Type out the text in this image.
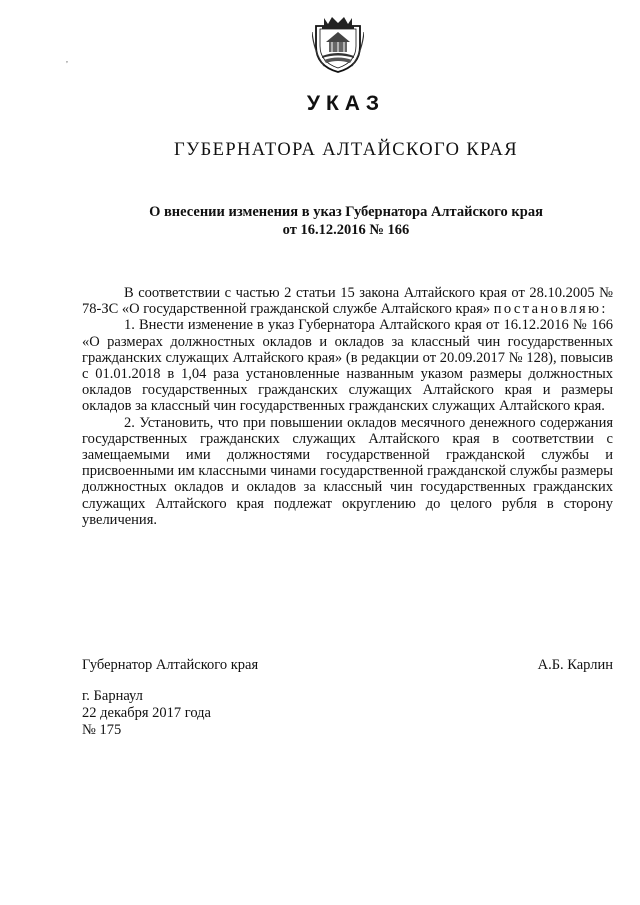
,
УКАЗ
ГУБЕРНАТОРА АЛТАЙСКОГО КРАЯ
О внесении изменения в указ Губернатора Алтайского края
от 16.12.2016 № 166

В соответствии с частью 2 статьи 15 закона Алтайского края от 28.10.2005 № 78-ЗС «О государственной гражданской службе Алтайского края» постановляю:

1. Внести изменение в указ Губернатора Алтайского края от 16.12.2016 № 166 «О размерах должностных окладов и окладов за классный чин государственных гражданских служащих Алтайского края» (в редакции от 20.09.2017 № 128), повысив с 01.01.2018 в 1,04 раза установленные названным указом размеры должностных окладов государственных гражданских служащих Алтайского края и размеры окладов за классный чин государственных гражданских служащих Алтайского края.

2. Установить, что при повышении окладов месячного денежного содержания государственных гражданских служащих Алтайского края в соответствии с замещаемыми ими должностями государственной гражданской службы и присвоенными им классными чинами государственной гражданской службы размеры должностных окладов и окладов за классный чин государственных гражданских служащих Алтайского края подлежат округлению до целого рубля в сторону увеличения.

Губернатор Алтайского края	А.Б. Карлин
г. Барнаул
22 декабря 2017 года
№ 175
